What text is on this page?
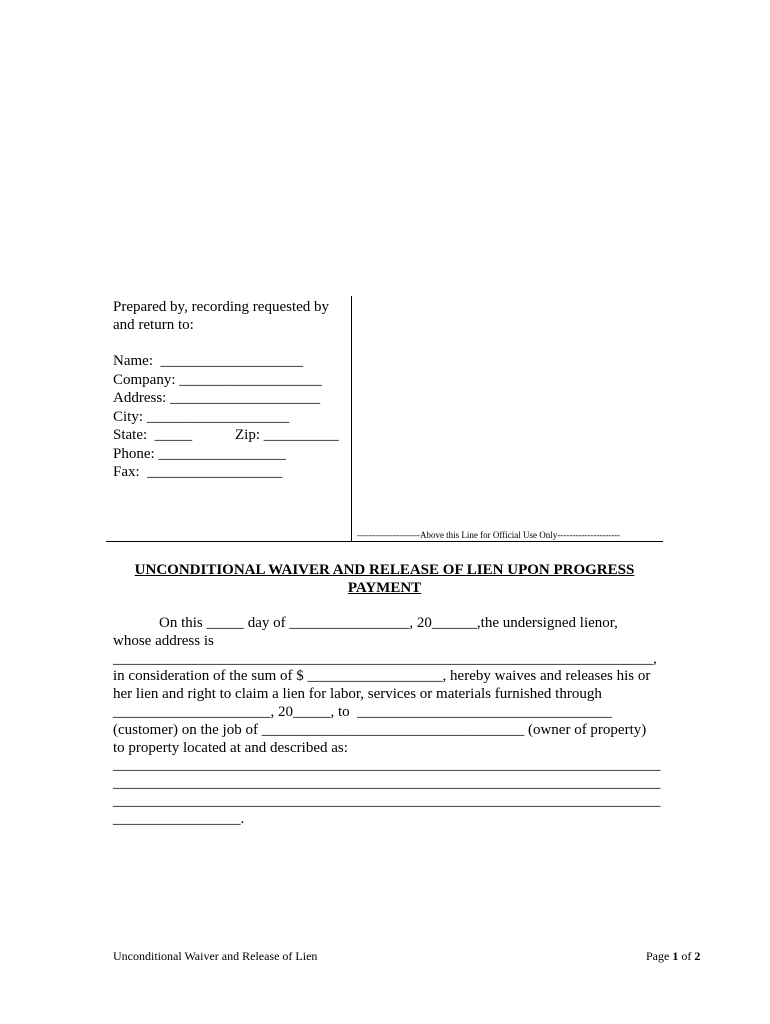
Prepared by, recording requested by
and return to:
Name:  ___________________
Company: ___________________
Address: ____________________
City: ___________________
State:  _____	Zip: __________
Phone: _________________
Fax:  __________________
---------------------Above this Line for Official Use Only---------------------
UNCONDITIONAL WAIVER AND RELEASE OF LIEN UPON PROGRESS PAYMENT
On this _____ day of ________________, 20______,the undersigned lienor,
whose address is
________________________________________________________________________,
in consideration of the sum of $ __________________, hereby waives and releases his or
her lien and right to claim a lien for labor, services or materials furnished through
_____________________, 20_____, to  __________________________________
(customer) on the job of ___________________________________ (owner of property)
to property located at and described as:
_________________________________________________________________________
_________________________________________________________________________
_________________________________________________________________________
_________________.
Unconditional Waiver and Release of Lien	Page 1 of 2
